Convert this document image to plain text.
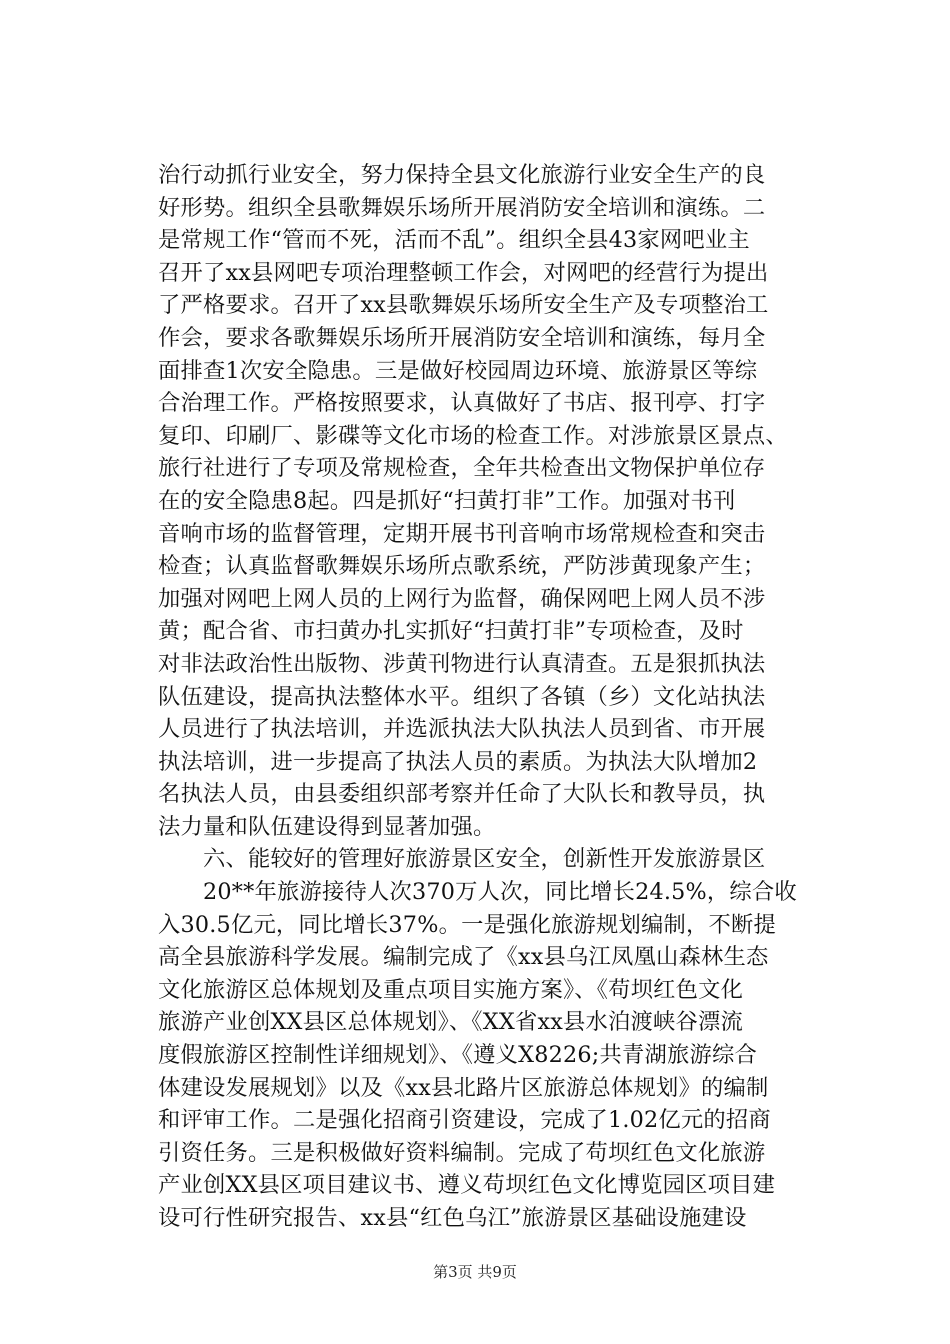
治行动抓行业安全，努力保持全县文化旅游行业安全生产的良
好形势。组织全县歌舞娱乐场所开展消防安全培训和演练。二
是常规工作“管而不死，活而不乱”。组织全县43家网吧业主
召开了xx县网吧专项治理整顿工作会，对网吧的经营行为提出
了严格要求。召开了xx县歌舞娱乐场所安全生产及专项整治工
作会，要求各歌舞娱乐场所开展消防安全培训和演练，每月全
面排查1次安全隐患。三是做好校园周边环境、旅游景区等综
合治理工作。严格按照要求，认真做好了书店、报刊亭、打字
复印、印刷厂、影碟等文化市场的检查工作。对涉旅景区景点、
旅行社进行了专项及常规检查，全年共检查出文物保护单位存
在的安全隐患8起。四是抓好“扫黄打非”工作。加强对书刊
音响市场的监督管理，定期开展书刊音响市场常规检查和突击
检查；认真监督歌舞娱乐场所点歌系统，严防涉黄现象产生；
加强对网吧上网人员的上网行为监督，确保网吧上网人员不涉
黄；配合省、市扫黄办扎实抓好“扫黄打非”专项检查，及时
对非法政治性出版物、涉黄刊物进行认真清查。五是狠抓执法
队伍建设，提高执法整体水平。组织了各镇（乡）文化站执法
人员进行了执法培训，并选派执法大队执法人员到省、市开展
执法培训，进一步提高了执法人员的素质。为执法大队增加2
名执法人员，由县委组织部考察并任命了大队长和教导员，执
法力量和队伍建设得到显著加强。
　　六、能较好的管理好旅游景区安全，创新性开发旅游景区
　　20**年旅游接待人次370万人次，同比增长24.5%，综合收
入30.5亿元，同比增长37%。一是强化旅游规划编制，不断提
高全县旅游科学发展。编制完成了《xx县乌江凤凰山森林生态
文化旅游区总体规划及重点项目实施方案》、《苟坝红色文化
旅游产业创XX县区总体规划》、《XX省xx县水泊渡峡谷漂流
度假旅游区控制性详细规划》、《遵义X8226;共青湖旅游综合
体建设发展规划》以及《xx县北路片区旅游总体规划》的编制
和评审工作。二是强化招商引资建设，完成了1.02亿元的招商
引资任务。三是积极做好资料编制。完成了苟坝红色文化旅游
产业创XX县区项目建议书、遵义苟坝红色文化博览园区项目建
设可行性研究报告、xx县“红色乌江”旅游景区基础设施建设
第3页 共9页
